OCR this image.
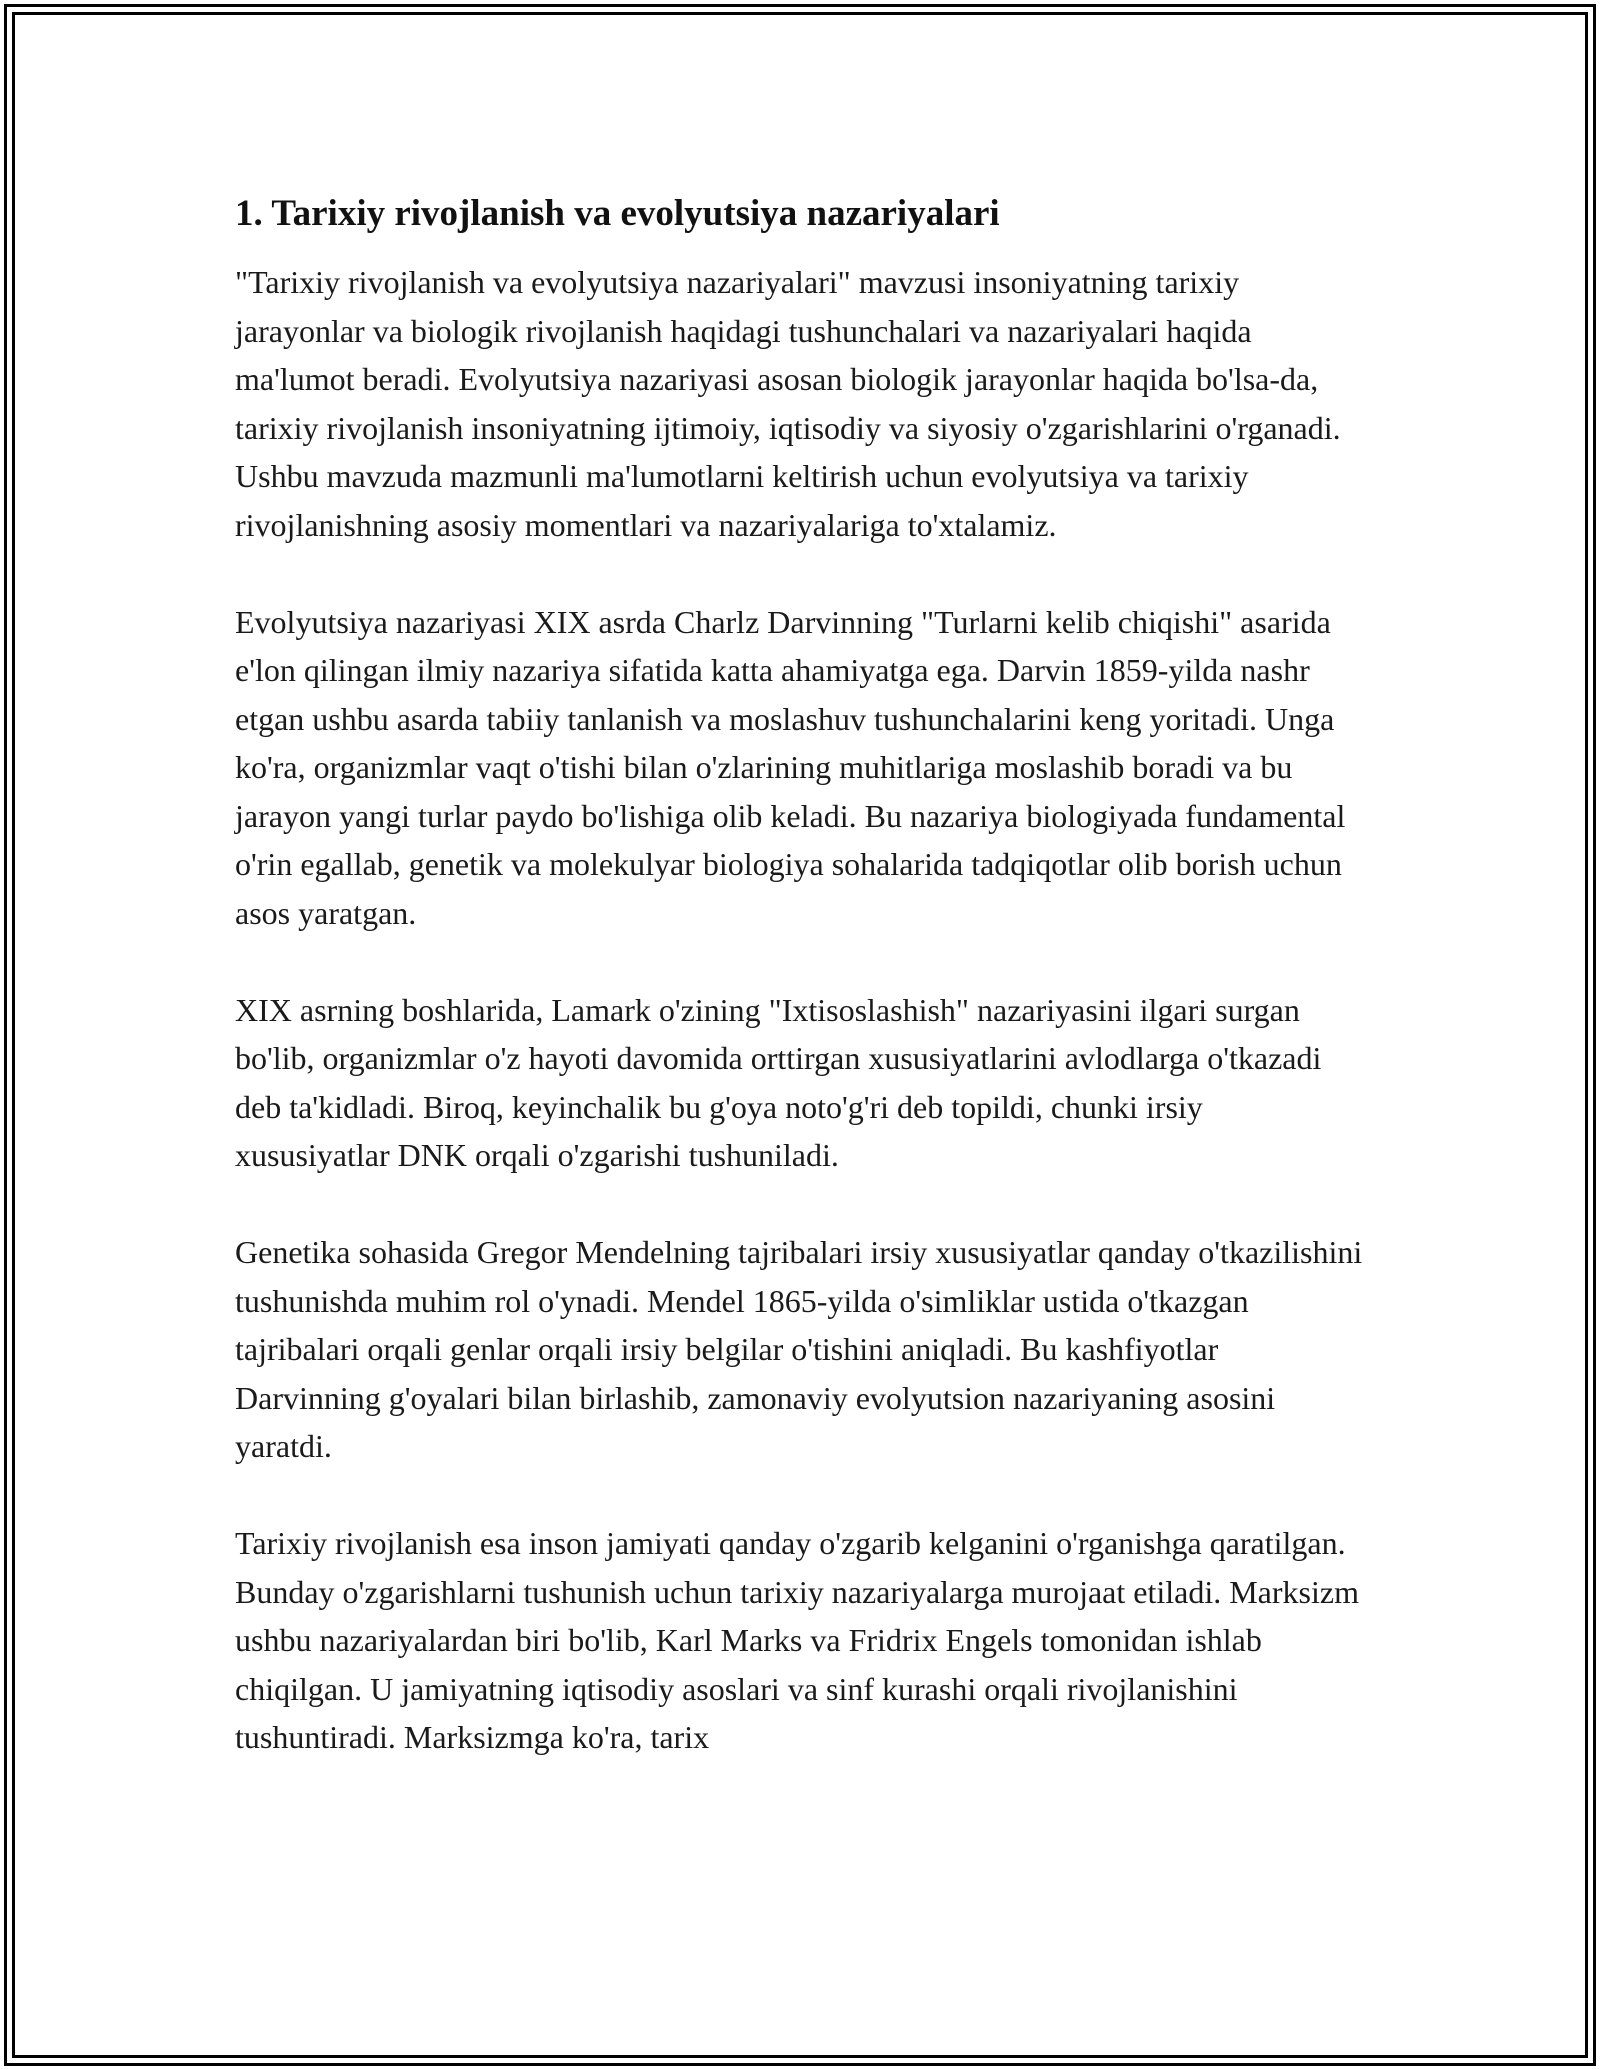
1. Tarixiy rivojlanish va evolyutsiya nazariyalari

"Tarixiy rivojlanish va evolyutsiya nazariyalari" mavzusi insoniyatning tarixiy jarayonlar va biologik rivojlanish haqidagi tushunchalari va nazariyalari haqida ma'lumot beradi. Evolyutsiya nazariyasi asosan biologik jarayonlar haqida bo'lsa-da, tarixiy rivojlanish insoniyatning ijtimoiy, iqtisodiy va siyosiy o'zgarishlarini o'rganadi. Ushbu mavzuda mazmunli ma'lumotlarni keltirish uchun evolyutsiya va tarixiy rivojlanishning asosiy momentlari va nazariyalariga to'xtalamiz.

Evolyutsiya nazariyasi XIX asrda Charlz Darvinning "Turlarni kelib chiqishi" asarida e'lon qilingan ilmiy nazariya sifatida katta ahamiyatga ega. Darvin 1859-yilda nashr etgan ushbu asarda tabiiy tanlanish va moslashuv tushunchalarini keng yoritadi. Unga ko'ra, organizmlar vaqt o'tishi bilan o'zlarining muhitlariga moslashib boradi va bu jarayon yangi turlar paydo bo'lishiga olib keladi. Bu nazariya biologiyada fundamental o'rin egallab, genetik va molekulyar biologiya sohalarida tadqiqotlar olib borish uchun asos yaratgan.

XIX asrning boshlarida, Lamark o'zining "Ixtisoslashish" nazariyasini ilgari surgan bo'lib, organizmlar o'z hayoti davomida orttirgan xususiyatlarini avlodlarga o'tkazadi deb ta'kidladi. Biroq, keyinchalik bu g'oya noto'g'ri deb topildi, chunki irsiy xususiyatlar DNK orqali o'zgarishi tushuniladi.

Genetika sohasida Gregor Mendelning tajribalari irsiy xususiyatlar qanday o'tkazilishini tushunishda muhim rol o'ynadi. Mendel 1865-yilda o'simliklar ustida o'tkazgan tajribalari orqali genlar orqali irsiy belgilar o'tishini aniqladi. Bu kashfiyotlar Darvinning g'oyalari bilan birlashib, zamonaviy evolyutsion nazariyaning asosini yaratdi.

Tarixiy rivojlanish esa inson jamiyati qanday o'zgarib kelganini o'rganishga qaratilgan. Bunday o'zgarishlarni tushunish uchun tarixiy nazariyalarga murojaat etiladi. Marksizm ushbu nazariyalardan biri bo'lib, Karl Marks va Fridrix Engels tomonidan ishlab chiqilgan. U jamiyatning iqtisodiy asoslari va sinf kurashi orqali rivojlanishini tushuntiradi. Marksizmga ko'ra, tarix
